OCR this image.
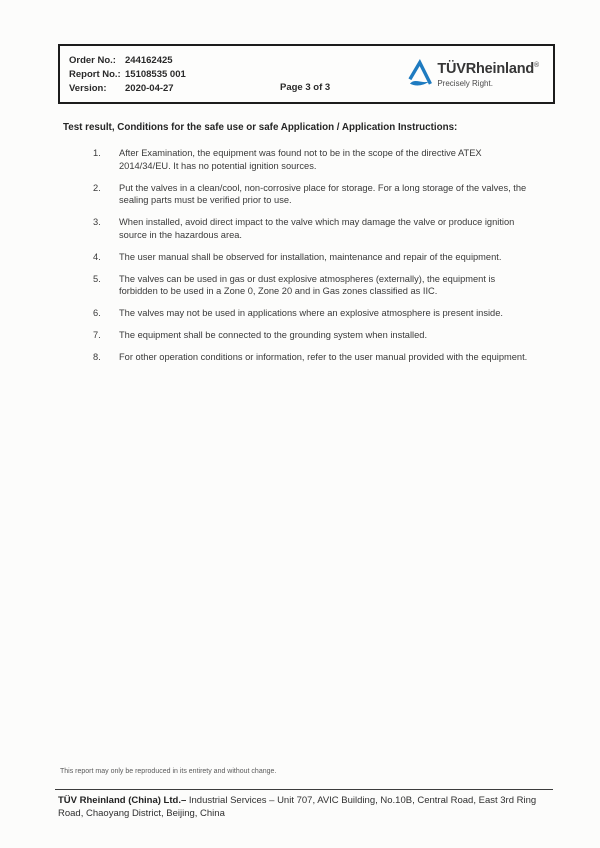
Order No.: 244162425
Report No.: 15108535 001
Version:	2020-04-27	Page 3 of 3
TÜVRheinland®
Precisely Right.
Test result, Conditions for the safe use or safe Application / Application Instructions:
1.	After Examination, the equipment was found not to be in the scope of the directive ATEX 2014/34/EU. It has no potential ignition sources.
2.	Put the valves in a clean/cool, non-corrosive place for storage. For a long storage of the valves, the sealing parts must be verified prior to use.
3.	When installed, avoid direct impact to the valve which may damage the valve or produce ignition source in the hazardous area.
4.	The user manual shall be observed for installation, maintenance and repair of the equipment.
5.	The valves can be used in gas or dust explosive atmospheres (externally), the equipment is forbidden to be used in a Zone 0, Zone 20 and in Gas zones classified as IIC.
6.	The valves may not be used in applications where an explosive atmosphere is present inside.
7.	The equipment shall be connected to the grounding system when installed.
8.	For other operation conditions or information, refer to the user manual provided with the equipment.
This report may only be reproduced in its entirety and without change.
TÜV Rheinland (China) Ltd.– Industrial Services – Unit 707, AVIC Building, No.10B, Central Road, East 3rd Ring Road, Chaoyang District, Beijing, China
